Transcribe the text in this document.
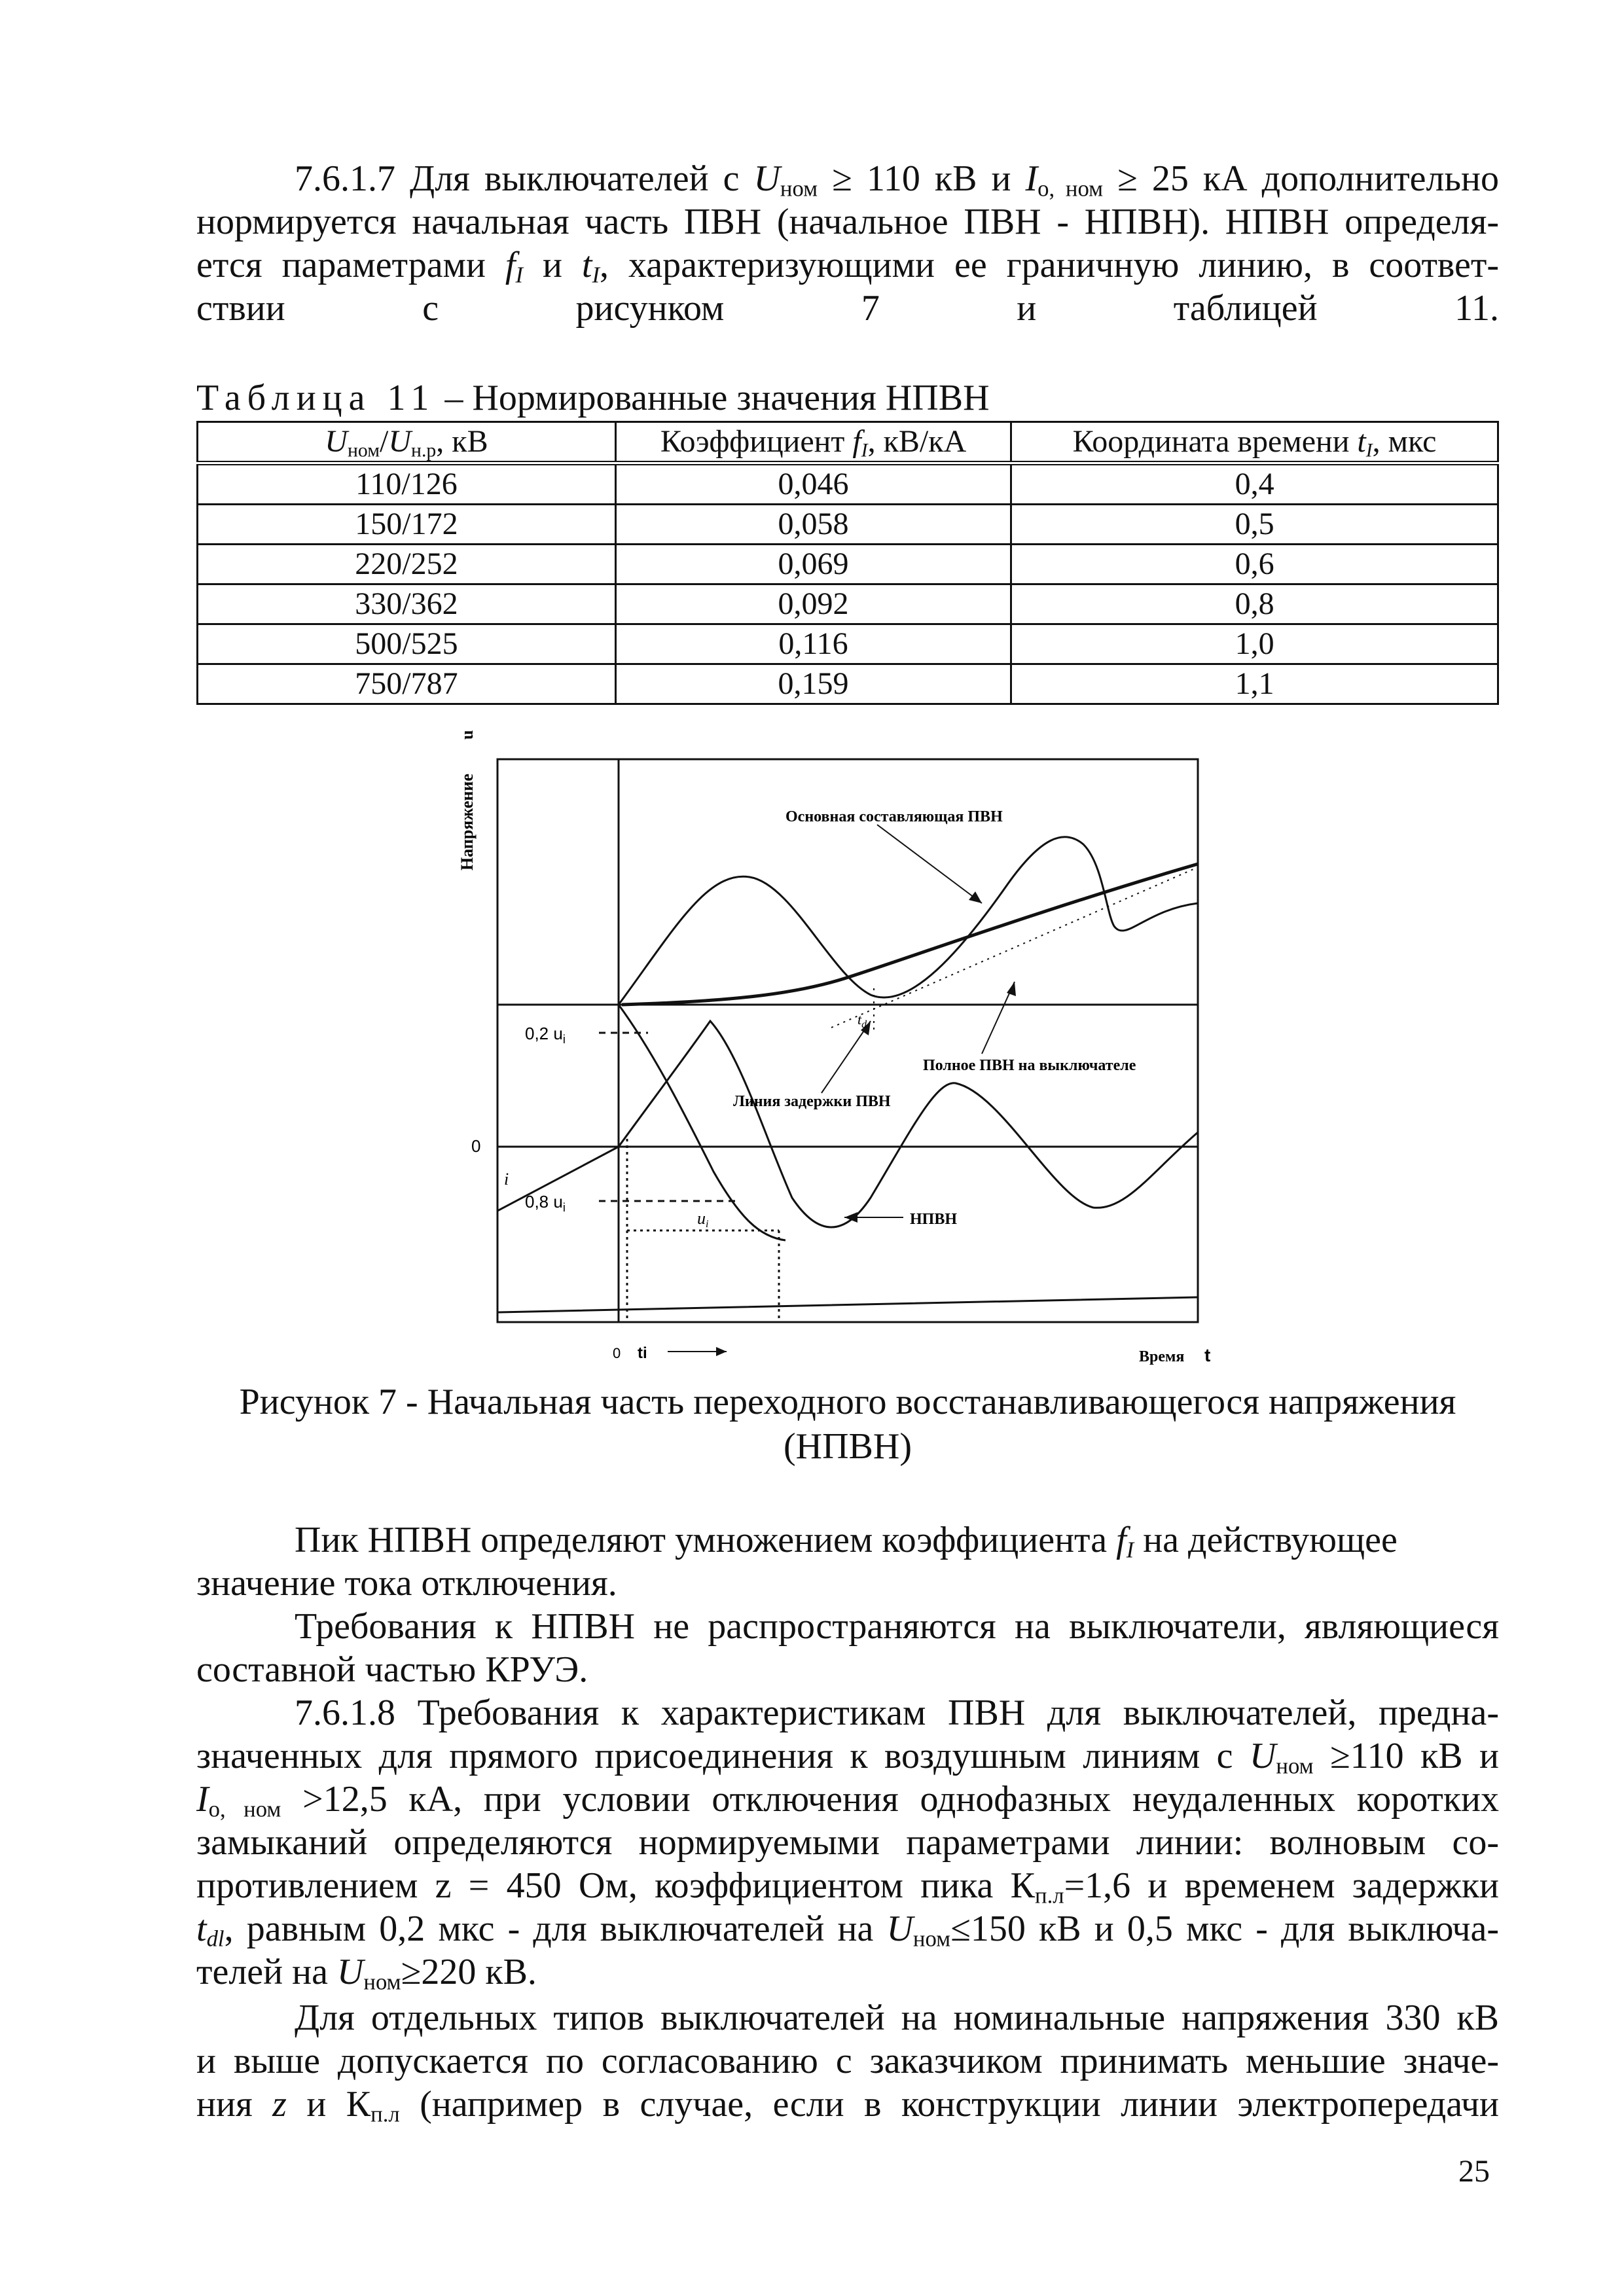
7.6.1.7 Для выключателей с $U_{ном} \ge 110$ кВ и $I_{о, ном} \ge 25$ кА дополнительно
нормируется начальная часть ПВН (начальное ПВН - НПВН). НПВН определя-
ется параметрами $f_I$ и $t_I$, характеризующими ее граничную линию, в соответ-
ствии с рисунком 7 и таблицей 11.
Таблица 11 – Нормированные значения НПВН
$U_{ном}/U_{н.р}$, кВ	Коэффициент $f_I$, кВ/кА	Координата времени $t_I$, мкс
110/126	0,046	0,4
150/172	0,058	0,5
220/252	0,069	0,6
330/362	0,092	0,8
500/525	0,116	1,0
750/787	0,159	1,1
Напряжение
u
0
0,2 $u_i$
0,8 $u_i$
i
ui
$t_d$
Основная составляющая ПВН
Полное ПВН на выключателе
Линия задержки ПВН
НПВН
0 ti	Время t
Рисунок 7 - Начальная часть переходного восстанавливающегося напряжения
(НПВН)
Пик НПВН определяют умножением коэффициента $f_I$ на действующее
значение тока отключения.
Требования к НПВН не распространяются на выключатели, являющиеся
составной частью КРУЭ.
7.6.1.8 Требования к характеристикам ПВН для выключателей, предна-
значенных для прямого присоединения к воздушным линиям с $U_{ном} \ge 110$ кВ и
$I_{о, ном} >12,5$ кА, при условии отключения однофазных неудаленных коротких
замыканий определяются нормируемыми параметрами линии: волновым со-
противлением z = 450 Ом, коэффициентом пика $К_{п.л}=1,6$ и временем задержки
$t_{dl}$, равным 0,2 мкс - для выключателей на $U_{ном}\le 150$ кВ и 0,5 мкс - для выключа-
телей на $U_{ном}\ge 220$ кВ.
Для отдельных типов выключателей на номинальные напряжения 330 кВ
и выше допускается по согласованию с заказчиком принимать меньшие значе-
ния z и $К_{п.л}$ (например в случае, если в конструкции линии электропередачи
25
